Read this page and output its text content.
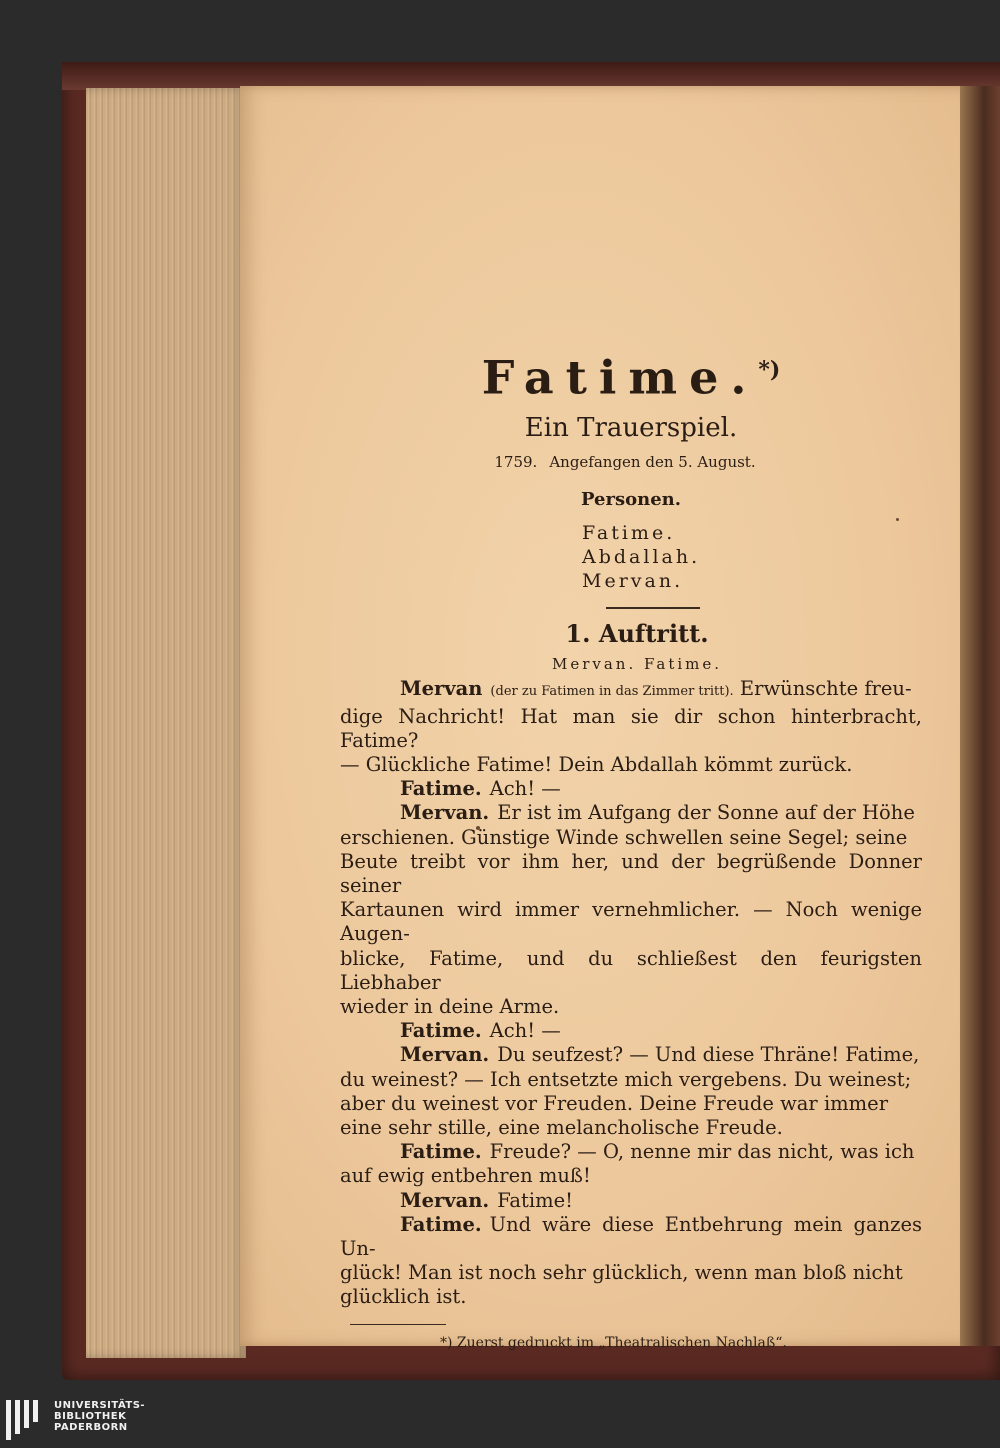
Fatime.*)
Ein Trauerspiel.
1759. Angefangen den 5. August.
Personen.
Fatime.
Abdallah.
Mervan.
1. Auftritt.
Mervan. Fatime.

Mervan (der zu Fatimen in das Zimmer tritt). Erwünschte freu-
dige Nachricht! Hat man sie dir schon hinterbracht, Fatime?
— Glückliche Fatime! Dein Abdallah kömmt zurück.

Fatime. Ach! —

Mervan. Er ist im Aufgang der Sonne auf der Höhe
erschienen. Günstige Winde schwellen seine Segel; seine
Beute treibt vor ihm her, und der begrüßende Donner seiner
Kartaunen wird immer vernehmlicher. — Noch wenige Augen-
blicke, Fatime, und du schließest den feurigsten Liebhaber
wieder in deine Arme.

Fatime. Ach! —

Mervan. Du seufzest? — Und diese Thräne! Fatime,
du weinest? — Ich entsetzte mich vergebens. Du weinest;
aber du weinest vor Freuden. Deine Freude war immer
eine sehr stille, eine melancholische Freude.

Fatime. Freude? — O, nenne mir das nicht, was ich
auf ewig entbehren muß!

Mervan. Fatime!

Fatime. Und wäre diese Entbehrung mein ganzes Un-
glück! Man ist noch sehr glücklich, wenn man bloß nicht
glücklich ist.

*) Zuerst gedruckt im „Theatralischen Nachlaß“.
UNIVERSITÄTS-
BIBLIOTHEK
PADERBORN
